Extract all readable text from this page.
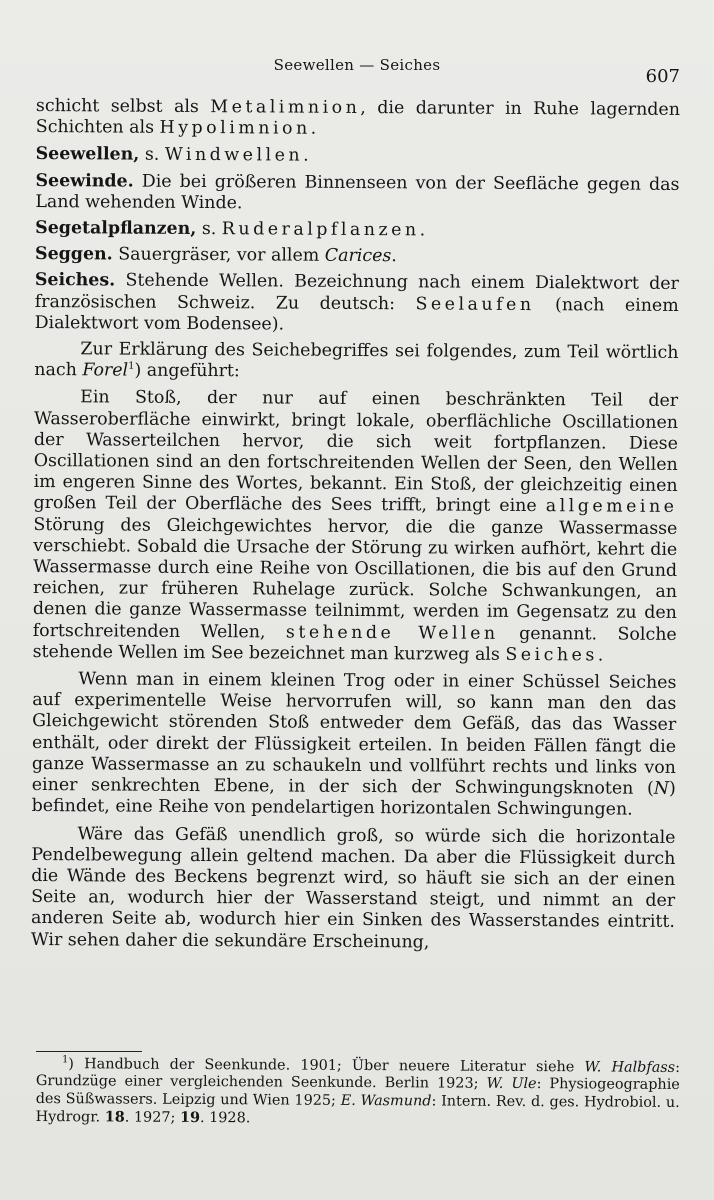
Seewellen — Seiches
607

schicht selbst als Metalimnion, die darunter in Ruhe lagernden Schichten als Hypolimnion.

Seewellen, s. Windwellen.

Seewinde. Die bei größeren Binnenseen von der Seefläche gegen das Land wehenden Winde.

Segetalpflanzen, s. Ruderalpflanzen.

Seggen. Sauergräser, vor allem Carices.

Seiches. Stehende Wellen. Bezeichnung nach einem Dialektwort der französischen Schweiz. Zu deutsch: Seelaufen (nach einem Dialektwort vom Bodensee).

Zur Erklärung des Seichebegriffes sei folgendes, zum Teil wörtlich nach Forel$^1$) angeführt:

Ein Stoß, der nur auf einen beschränkten Teil der Wasseroberfläche einwirkt, bringt lokale, oberflächliche Oscillationen der Wasserteilchen hervor, die sich weit fortpflanzen. Diese Oscillationen sind an den fortschreitenden Wellen der Seen, den Wellen im engeren Sinne des Wortes, bekannt. Ein Stoß, der gleichzeitig einen großen Teil der Oberfläche des Sees trifft, bringt eine allgemeine Störung des Gleichgewichtes hervor, die die ganze Wassermasse verschiebt. Sobald die Ursache der Störung zu wirken aufhört, kehrt die Wassermasse durch eine Reihe von Oscillationen, die bis auf den Grund reichen, zur früheren Ruhelage zurück. Solche Schwankungen, an denen die ganze Wassermasse teilnimmt, werden im Gegensatz zu den fortschreitenden Wellen, stehende Wellen genannt. Solche stehende Wellen im See bezeichnet man kurzweg als Seiches.

Wenn man in einem kleinen Trog oder in einer Schüssel Seiches auf experimentelle Weise hervorrufen will, so kann man den das Gleichgewicht störenden Stoß entweder dem Gefäß, das das Wasser enthält, oder direkt der Flüssigkeit erteilen. In beiden Fällen fängt die ganze Wassermasse an zu schaukeln und vollführt rechts und links von einer senkrechten Ebene, in der sich der Schwingungsknoten (N) befindet, eine Reihe von pendelartigen horizontalen Schwingungen.

Wäre das Gefäß unendlich groß, so würde sich die horizontale Pendelbewegung allein geltend machen. Da aber die Flüssigkeit durch die Wände des Beckens begrenzt wird, so häuft sie sich an der einen Seite an, wodurch hier der Wasserstand steigt, und nimmt an der anderen Seite ab, wodurch hier ein Sinken des Wasserstandes eintritt. Wir sehen daher die sekundäre Erscheinung,

$^1$) Handbuch der Seenkunde. 1901; Über neuere Literatur siehe W. Halbfass: Grundzüge einer vergleichenden Seenkunde. Berlin 1923; W. Ule: Physiogeographie des Süßwassers. Leipzig und Wien 1925; E. Wasmund: Intern. Rev. d. ges. Hydrobiol. u. Hydrogr. 18. 1927; 19. 1928.
